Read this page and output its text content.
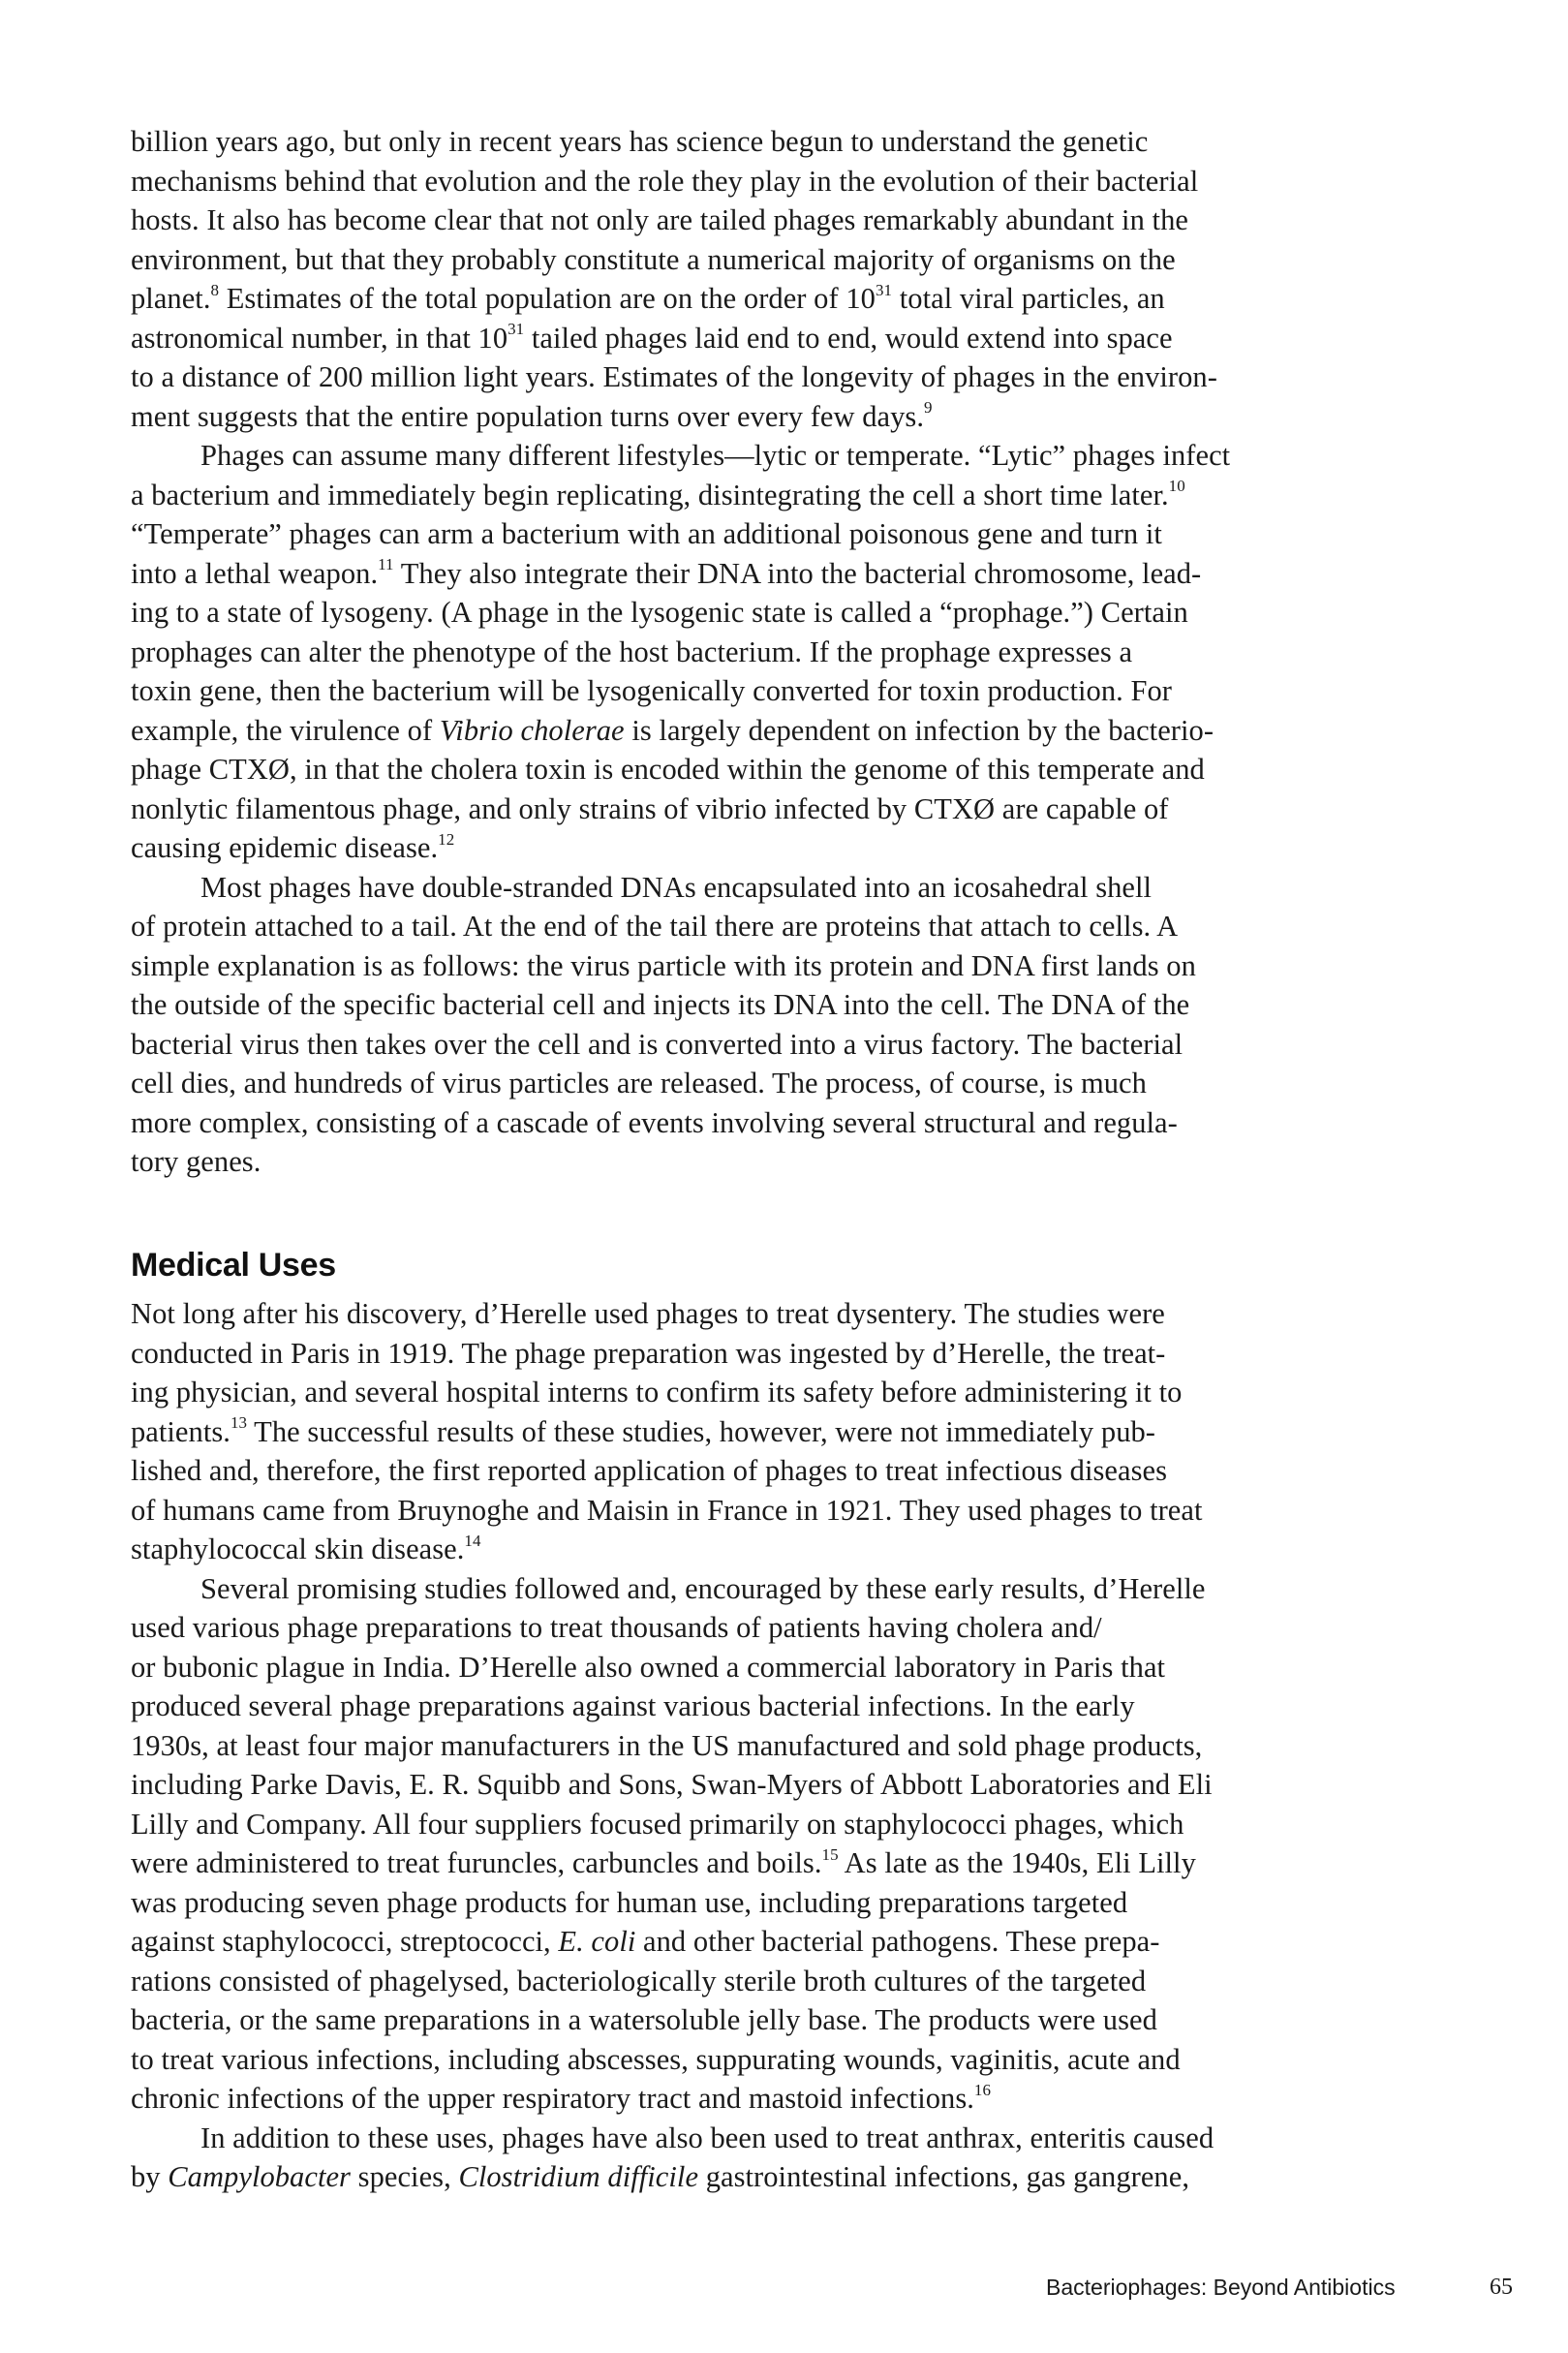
billion years ago, but only in recent years has science begun to understand the genetic
mechanisms behind that evolution and the role they play in the evolution of their bacterial
hosts. It also has become clear that not only are tailed phages remarkably abundant in the
environment, but that they probably constitute a numerical majority of organisms on the
planet.$^8$ Estimates of the total population are on the order of $10^{31}$ total viral particles, an
astronomical number, in that $10^{31}$ tailed phages laid end to end, would extend into space
to a distance of 200 million light years. Estimates of the longevity of phages in the environ-
ment suggests that the entire population turns over every few days.$^9$
Phages can assume many different lifestyles—lytic or temperate. “Lytic” phages infect
a bacterium and immediately begin replicating, disintegrating the cell a short time later.$^{10}$
“Temperate” phages can arm a bacterium with an additional poisonous gene and turn it
into a lethal weapon.$^{11}$ They also integrate their DNA into the bacterial chromosome, lead-
ing to a state of lysogeny. (A phage in the lysogenic state is called a “prophage.”) Certain
prophages can alter the phenotype of the host bacterium. If the prophage expresses a
toxin gene, then the bacterium will be lysogenically converted for toxin production. For
example, the virulence of Vibrio cholerae is largely dependent on infection by the bacterio-
phage CTXØ, in that the cholera toxin is encoded within the genome of this temperate and
nonlytic filamentous phage, and only strains of vibrio infected by CTXØ are capable of
causing epidemic disease.$^{12}$
Most phages have double-stranded DNAs encapsulated into an icosahedral shell
of protein attached to a tail. At the end of the tail there are proteins that attach to cells. A
simple explanation is as follows: the virus particle with its protein and DNA first lands on
the outside of the specific bacterial cell and injects its DNA into the cell. The DNA of the
bacterial virus then takes over the cell and is converted into a virus factory. The bacterial
cell dies, and hundreds of virus particles are released. The process, of course, is much
more complex, consisting of a cascade of events involving several structural and regula-
tory genes.
Medical Uses
Not long after his discovery, d’Herelle used phages to treat dysentery. The studies were
conducted in Paris in 1919. The phage preparation was ingested by d’Herelle, the treat-
ing physician, and several hospital interns to confirm its safety before administering it to
patients.$^{13}$ The successful results of these studies, however, were not immediately pub-
lished and, therefore, the first reported application of phages to treat infectious diseases
of humans came from Bruynoghe and Maisin in France in 1921. They used phages to treat
staphylococcal skin disease.$^{14}$
Several promising studies followed and, encouraged by these early results, d’Herelle
used various phage preparations to treat thousands of patients having cholera and/
or bubonic plague in India. D’Herelle also owned a commercial laboratory in Paris that
produced several phage preparations against various bacterial infections. In the early
1930s, at least four major manufacturers in the US manufactured and sold phage products,
including Parke Davis, E. R. Squibb and Sons, Swan-Myers of Abbott Laboratories and Eli
Lilly and Company. All four suppliers focused primarily on staphylococci phages, which
were administered to treat furuncles, carbuncles and boils.$^{15}$ As late as the 1940s, Eli Lilly
was producing seven phage products for human use, including preparations targeted
against staphylococci, streptococci, E. coli and other bacterial pathogens. These prepa-
rations consisted of phagelysed, bacteriologically sterile broth cultures of the targeted
bacteria, or the same preparations in a watersoluble jelly base. The products were used
to treat various infections, including abscesses, suppurating wounds, vaginitis, acute and
chronic infections of the upper respiratory tract and mastoid infections.$^{16}$
In addition to these uses, phages have also been used to treat anthrax, enteritis caused
by Campylobacter species, Clostridium difficile gastrointestinal infections, gas gangrene,
Bacteriophages: Beyond Antibiotics	65
